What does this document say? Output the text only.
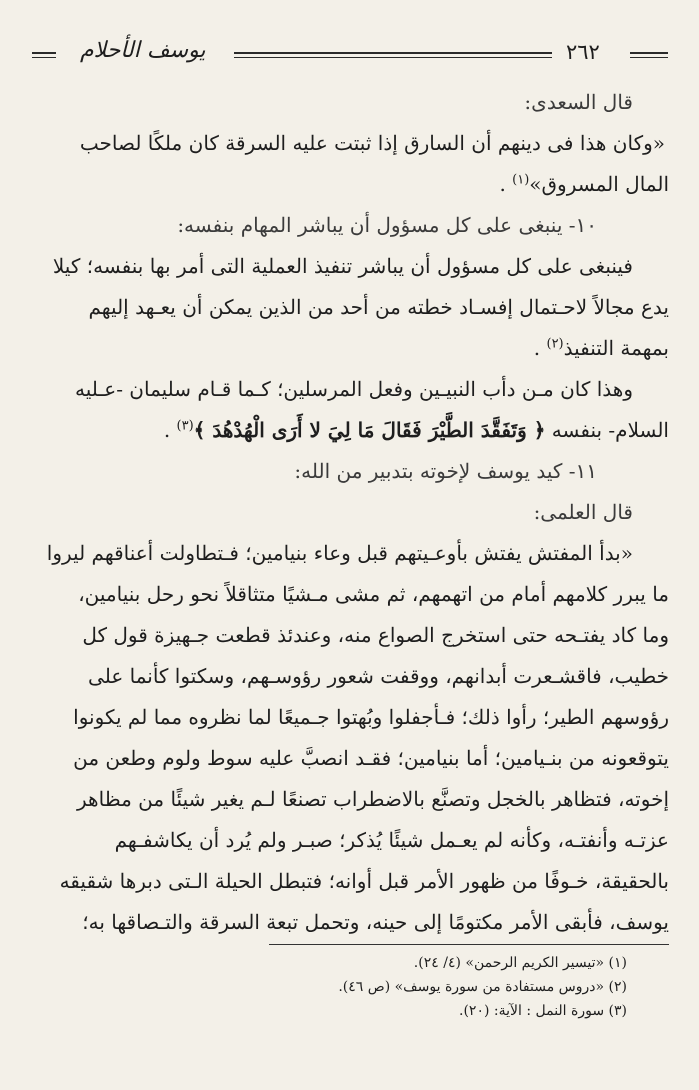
يوسف الأحلام	٢٦٢

قال السعدى:

«وكان هذا فى دينهم أن السارق إذا ثبتت عليه السرقة كان ملكًا لصاحب

المال المسروق»$^{(١)}$ .

١٠- ينبغى على كل مسؤول أن يباشر المهام بنفسه:

فينبغى على كل مسؤول أن يباشر تنفيذ العملية التى أمر بها بنفسه؛ كيلا

يدع مجالاً لاحـتمال إفسـاد خطته من أحد من الذين يمكن أن يعـهد إليهم

بمهمة التنفيذ$^{(٢)}$ .

وهذا كان مـن دأب النبيـين وفعل المرسلين؛ كـما قـام سليمان -عـليه

السلام- بنفسه ﴿ وَتَفَقَّدَ الطَّيْرَ فَقَالَ مَا لِيَ لا أَرَى الْهُدْهُدَ ﴾$^{(٣)}$ .

١١- كيد يوسف لإخوته بتدبير من الله:

قال العلمى:

«بدأ المفتش يفتش بأوعـيتهم قبل وعاء بنيامين؛ فـتطاولت أعناقهم ليروا

ما يبرر كلامهم أمام من اتهمهم، ثم مشى مـشيًا متثاقلاً نحو رحل بنيامين،

وما كاد يفتـحه حتى استخرج الصواع منه، وعندئذ قطعت جـهيزة قول كل

خطيب، فاقشـعرت أبدانهم، ووقفت شعور رؤوسـهم، وسكتوا كأنما على

رؤوسهم الطير؛ رأوا ذلك؛ فـأجفلوا وبُهتوا جـميعًا لما نظروه مما لم يكونوا

يتوقعونه من بنـيامين؛ أما بنيامين؛ فقـد انصبَّ عليه سوط ولوم وطعن من

إخوته، فتظاهر بالخجل وتصنَّع بالاضطراب تصنعًا لـم يغير شيئًا من مظاهر

عزتـه وأنفتـه، وكأنه لم يعـمل شيئًا يُذكر؛ صبـر ولم يُرد أن يكاشفـهم

بالحقيقة، خـوفًا من ظهور الأمر قبل أوانه؛ فتبطل الحيلة الـتى دبرها شقيقه

يوسف، فأبقى الأمر مكتومًا إلى حينه، وتحمل تبعة السرقة والتـصاقها به؛

(١) «تيسير الكريم الرحمن» (٤/ ٢٤).

(٢) «دروس مستفادة من سورة يوسف» (ص ٤٦).

(٣) سورة النمل : الآية: (٢٠).
